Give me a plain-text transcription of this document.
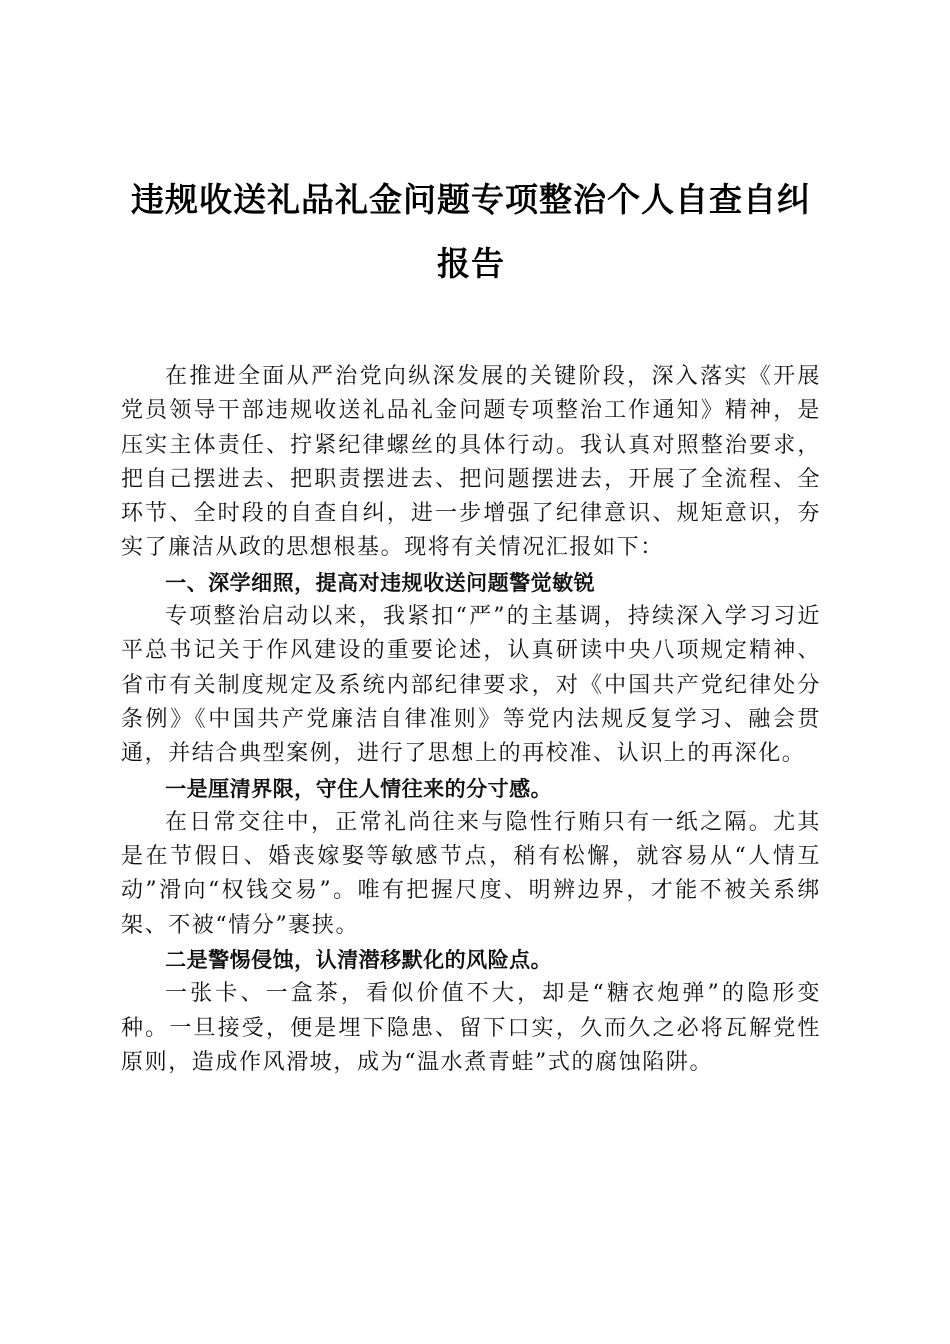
违规收送礼品礼金问题专项整治个人自查自纠
报告

在推进全面从严治党向纵深发展的关键阶段，深入落实《开展党员领导干部违规收送礼品礼金问题专项整治工作通知》精神，是压实主体责任、拧紧纪律螺丝的具体行动。我认真对照整治要求，把自己摆进去、把职责摆进去、把问题摆进去，开展了全流程、全环节、全时段的自查自纠，进一步增强了纪律意识、规矩意识，夯实了廉洁从政的思想根基。现将有关情况汇报如下：

一、深学细照，提高对违规收送问题警觉敏锐

专项整治启动以来，我紧扣“严”的主基调，持续深入学习习近平总书记关于作风建设的重要论述，认真研读中央八项规定精神、省市有关制度规定及系统内部纪律要求，对《中国共产党纪律处分条例》《中国共产党廉洁自律准则》等党内法规反复学习、融会贯通，并结合典型案例，进行了思想上的再校准、认识上的再深化。

一是厘清界限，守住人情往来的分寸感。

在日常交往中，正常礼尚往来与隐性行贿只有一纸之隔。尤其是在节假日、婚丧嫁娶等敏感节点，稍有松懈，就容易从“人情互动”滑向“权钱交易”。唯有把握尺度、明辨边界，才能不被关系绑架、不被“情分”裹挟。

二是警惕侵蚀，认清潜移默化的风险点。

一张卡、一盒茶，看似价值不大，却是“糖衣炮弹”的隐形变种。一旦接受，便是埋下隐患、留下口实，久而久之必将瓦解党性原则，造成作风滑坡，成为“温水煮青蛙”式的腐蚀陷阱。
